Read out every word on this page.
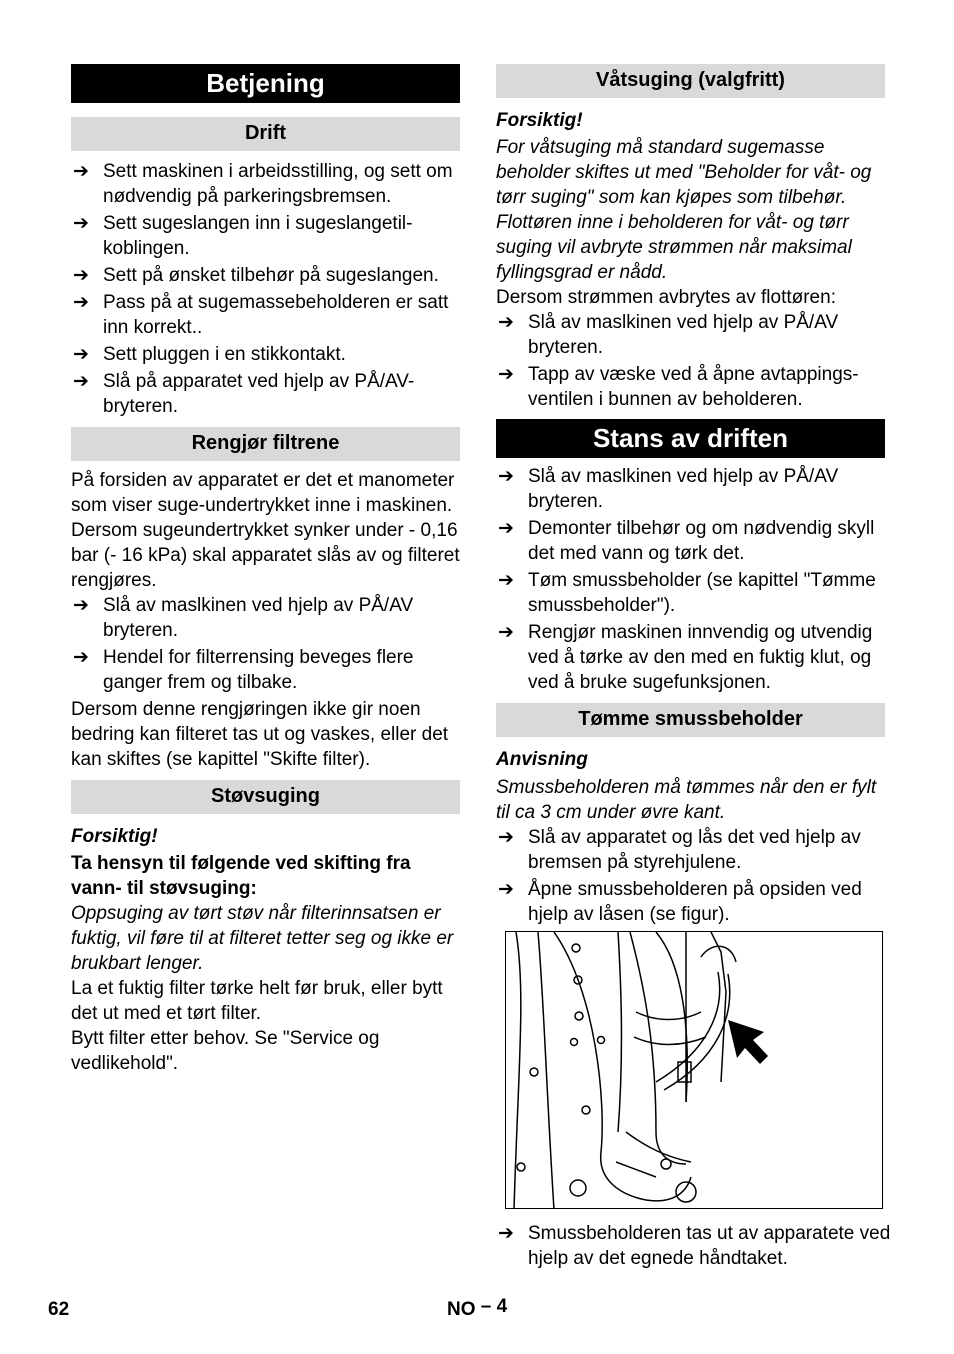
Betjening
Drift
➔ Sett maskinen i arbeidsstilling, og sett om nødvendig på parkeringsbremsen.
➔ Sett sugeslangen inn i sugeslangetil-koblingen.
➔ Sett på ønsket tilbehør på sugeslangen.
➔ Pass på at sugemassebeholderen er satt inn korrekt..
➔ Sett pluggen i en stikkontakt.
➔ Slå på apparatet ved hjelp av PÅ/AV-bryteren.
Rengjør filtrene
På forsiden av apparatet er det et manometer som viser suge-undertrykket inne i maskinen. Dersom sugeundertrykket synker under - 0,16 bar (- 16 kPa) skal apparatet slås av og filteret rengjøres.
➔ Slå av maslkinen ved hjelp av PÅ/AV bryteren.
➔ Hendel for filterrensing beveges flere ganger frem og tilbake.
Dersom denne rengjøringen ikke gir noen bedring kan filteret tas ut og vaskes, eller det kan skiftes (se kapittel "Skifte filter).
Støvsuging
Forsiktig!
Ta hensyn til følgende ved skifting fra vann- til støvsuging:
Oppsuging av tørt støv når filterinnsatsen er fuktig, vil føre til at filteret tetter seg og ikke er brukbart lenger.
La et fuktig filter tørke helt før bruk, eller bytt det ut med et tørt filter.
Bytt filter etter behov. Se "Service og vedlikehold".
Våtsuging (valgfritt)
Forsiktig!
For våtsuging må standard sugemasse beholder skiftes ut med "Beholder for våt- og tørr suging" som kan kjøpes som tilbehør. Flottøren inne i beholderen for våt- og tørr suging vil avbryte strømmen når maksimal fyllingsgrad er nådd.
Dersom strømmen avbrytes av flottøren:
➔ Slå av maslkinen ved hjelp av PÅ/AV bryteren.
➔ Tapp av væske ved å åpne avtappings-ventilen i bunnen av beholderen.
Stans av driften
➔ Slå av maslkinen ved hjelp av PÅ/AV bryteren.
➔ Demonter tilbehør og om nødvendig skyll det med vann og tørk det.
➔ Tøm smussbeholder (se kapittel "Tømme smussbeholder").
➔ Rengjør maskinen innvendig og utvendig ved å tørke av den med en fuktig klut, og ved å bruke sugefunksjonen.
Tømme smussbeholder
Anvisning
Smussbeholderen må tømmes når den er fylt til ca 3 cm under øvre kant.
➔ Slå av apparatet og lås det ved hjelp av bremsen på styrehjulene.
➔ Åpne smussbeholderen på opsiden ved hjelp av låsen (se figur).
➔ Smussbeholderen tas ut av apparatete ved hjelp av det egnede håndtaket.
62	NO – 4
